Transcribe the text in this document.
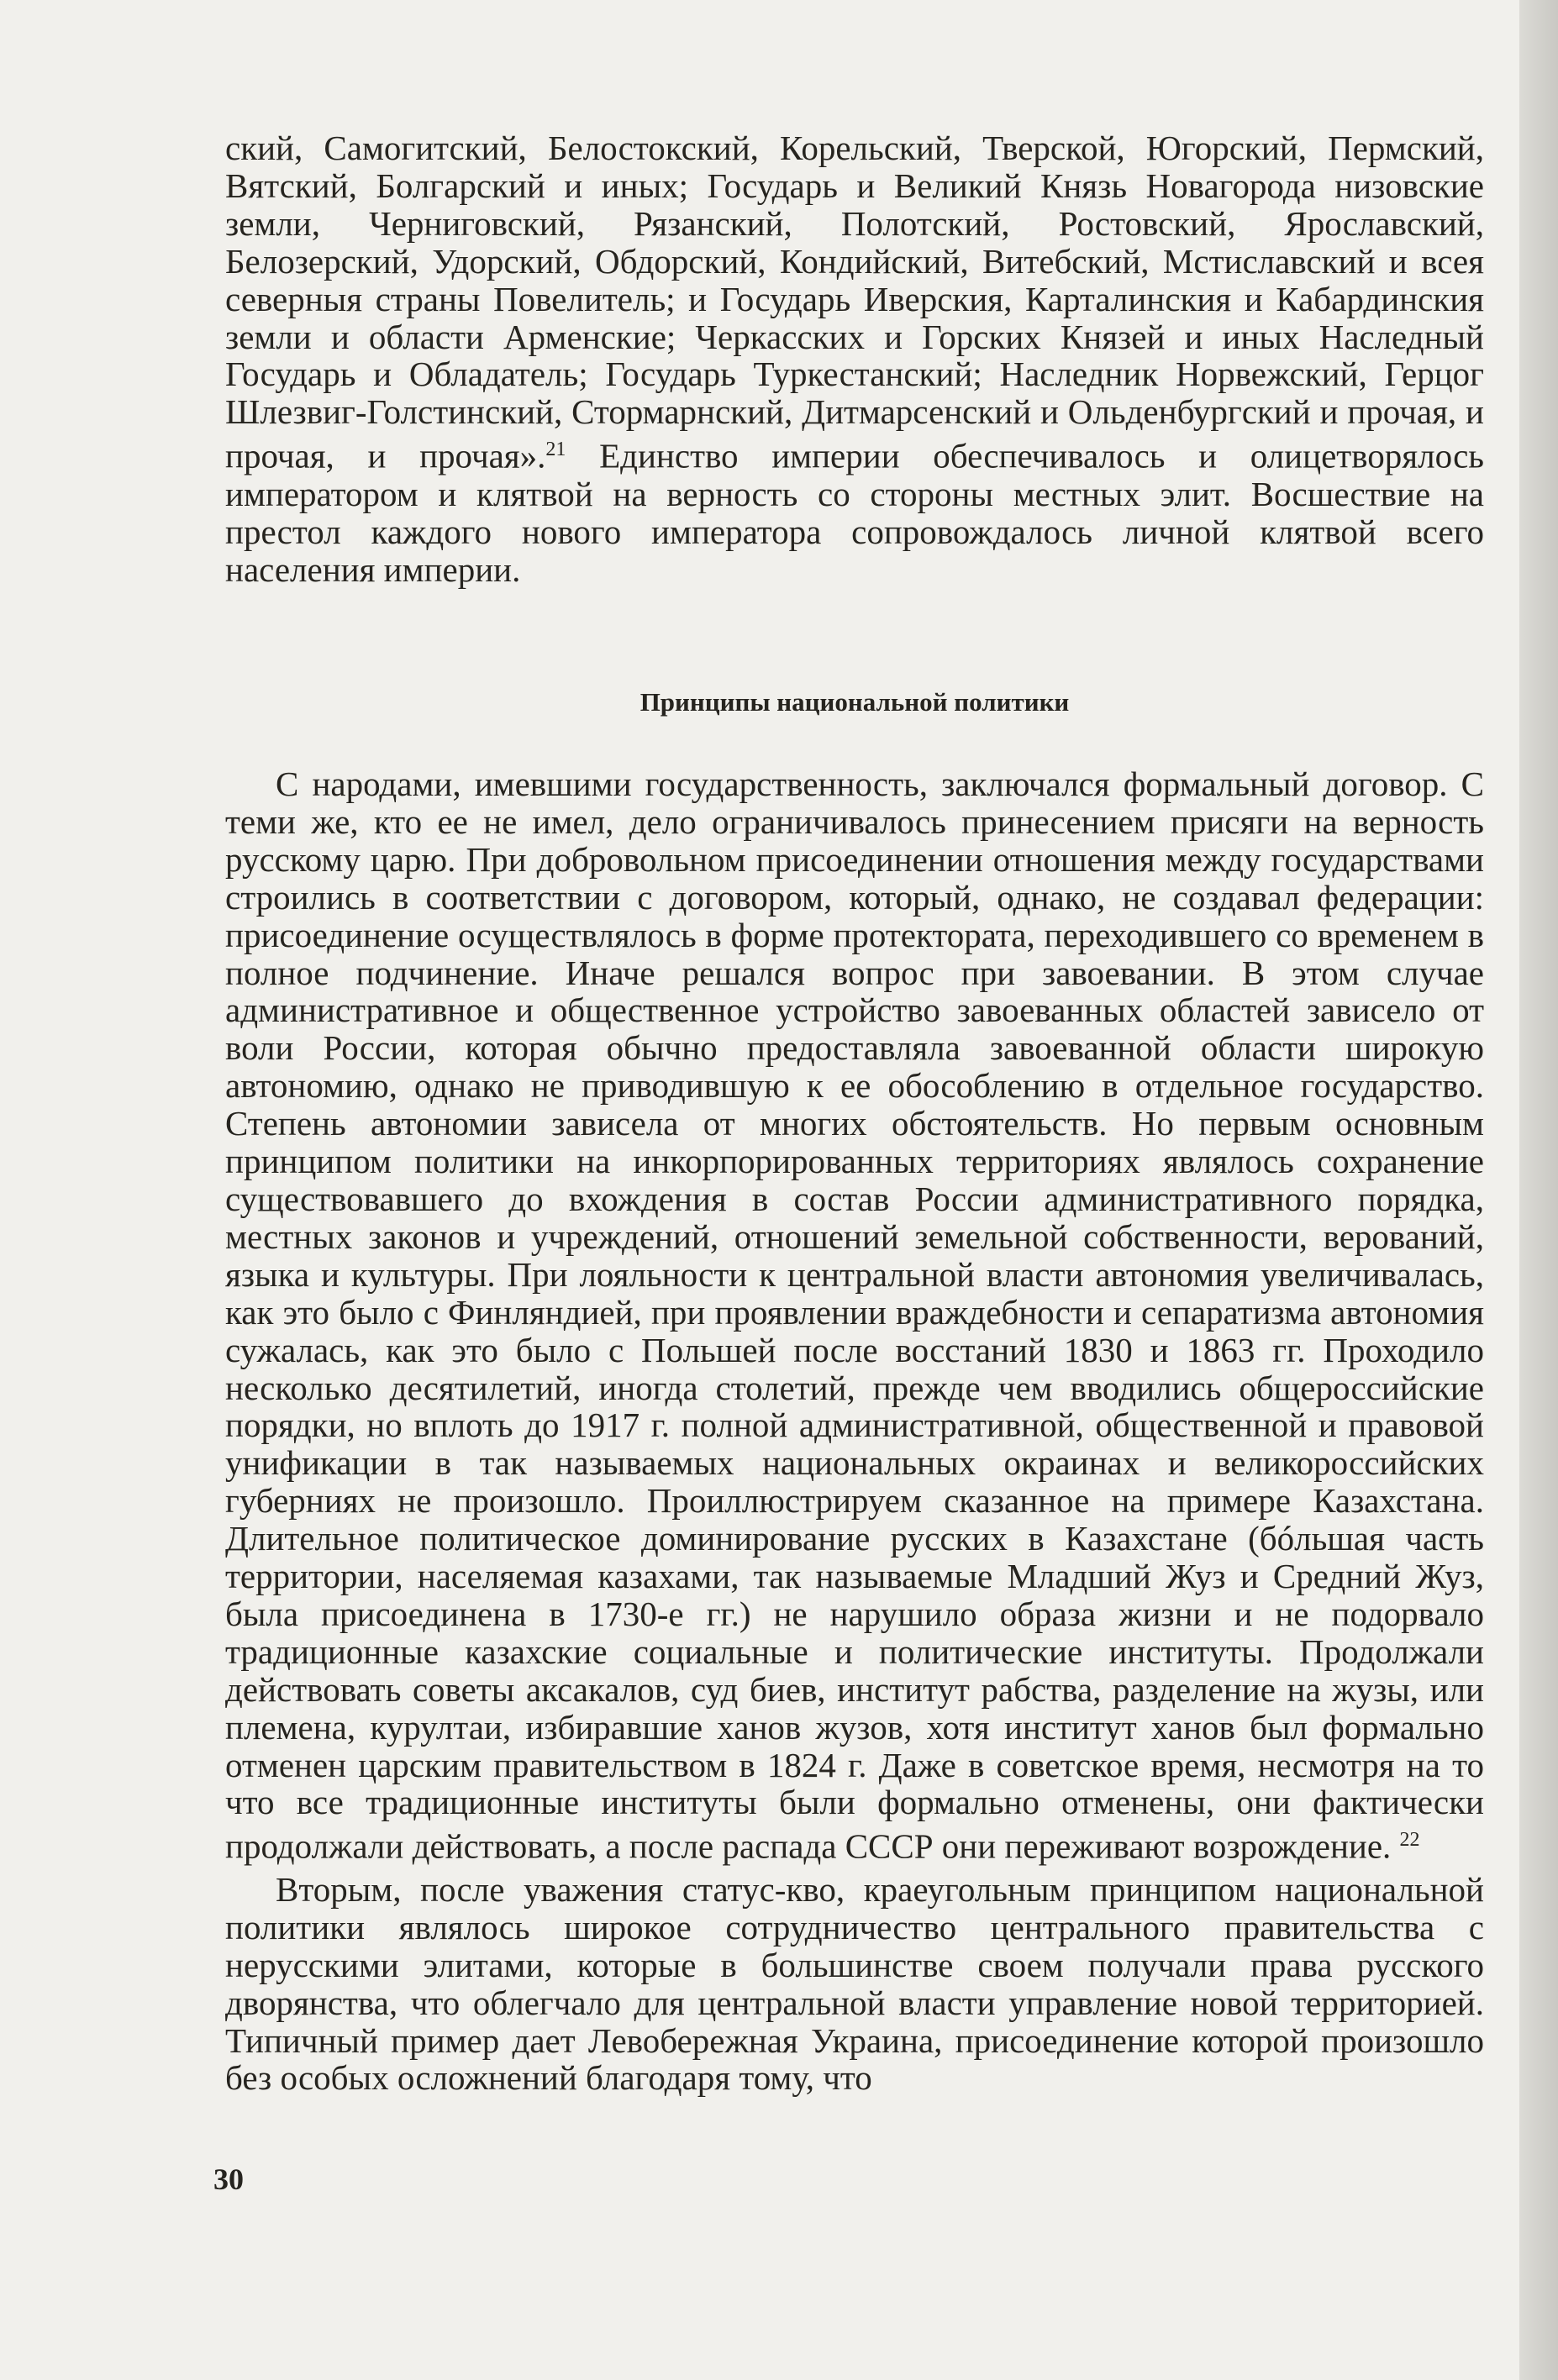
ский, Самогитский, Белостокский, Корельский, Тверской, Югорский, Пермский, Вятский, Болгарский и иных; Государь и Великий Князь Новагорода низовские земли, Черниговский, Рязанский, Полотский, Ростовский, Ярославский, Белозерский, Удорский, Обдорский, Кондийский, Витебский, Мстиславский и всея северныя страны Повелитель; и Государь Иверския, Карталинския и Кабардинския земли и области Арменские; Черкасских и Горских Князей и иных Наследный Государь и Обладатель; Государь Туркестанский; Наследник Норвежский, Герцог Шлезвиг-Голстинский, Стормарнский, Дитмарсенский и Ольденбургский и прочая, и прочая, и прочая».$^{21}$ Единство империи обеспечивалось и олицетворялось императором и клятвой на верность со стороны местных элит. Восшествие на престол каждого нового императора сопровождалось личной клятвой всего населения империи.

Принципы национальной политики

С народами, имевшими государственность, заключался формальный договор. С теми же, кто ее не имел, дело ограничивалось принесением присяги на верность русскому царю. При добровольном присоединении отношения между государствами строились в соответствии с договором, который, однако, не создавал федерации: присоединение осуществлялось в форме протектората, переходившего со временем в полное подчинение. Иначе решался вопрос при завоевании. В этом случае административное и общественное устройство завоеванных областей зависело от воли России, которая обычно предоставляла завоеванной области широкую автономию, однако не приводившую к ее обособлению в отдельное государство. Степень автономии зависела от многих обстоятельств. Но первым основным принципом политики на инкорпорированных территориях являлось сохранение существовавшего до вхождения в состав России административного порядка, местных законов и учреждений, отношений земельной собственности, верований, языка и культуры. При лояльности к центральной власти автономия увеличивалась, как это было с Финляндией, при проявлении враждебности и сепаратизма автономия сужалась, как это было с Польшей после восстаний 1830 и 1863 гг. Проходило несколько десятилетий, иногда столетий, прежде чем вводились общероссийские порядки, но вплоть до 1917 г. полной административной, общественной и правовой унификации в так называемых национальных окраинах и великороссийских губерниях не произошло. Проиллюстрируем сказанное на примере Казахстана. Длительное политическое доминирование русских в Казахстане (бóльшая часть территории, населяемая казахами, так называемые Младший Жуз и Средний Жуз, была присоединена в 1730-е гг.) не нарушило образа жизни и не подорвало традиционные казахские социальные и политические институты. Продолжали действовать советы аксакалов, суд биев, институт рабства, разделение на жузы, или племена, курултаи, избиравшие ханов жузов, хотя институт ханов был формально отменен царским правительством в 1824 г. Даже в советское время, несмотря на то что все традиционные институты были формально отменены, они фактически продолжали действовать, а после распада СССР они переживают возрождение. $^{22}$

Вторым, после уважения статус-кво, краеугольным принципом национальной политики являлось широкое сотрудничество центрального правительства с нерусскими элитами, которые в большинстве своем получали права русского дворянства, что облегчало для центральной власти управление новой территорией. Типичный пример дает Левобережная Украина, присоединение которой произошло без особых осложнений благодаря тому, что

30
